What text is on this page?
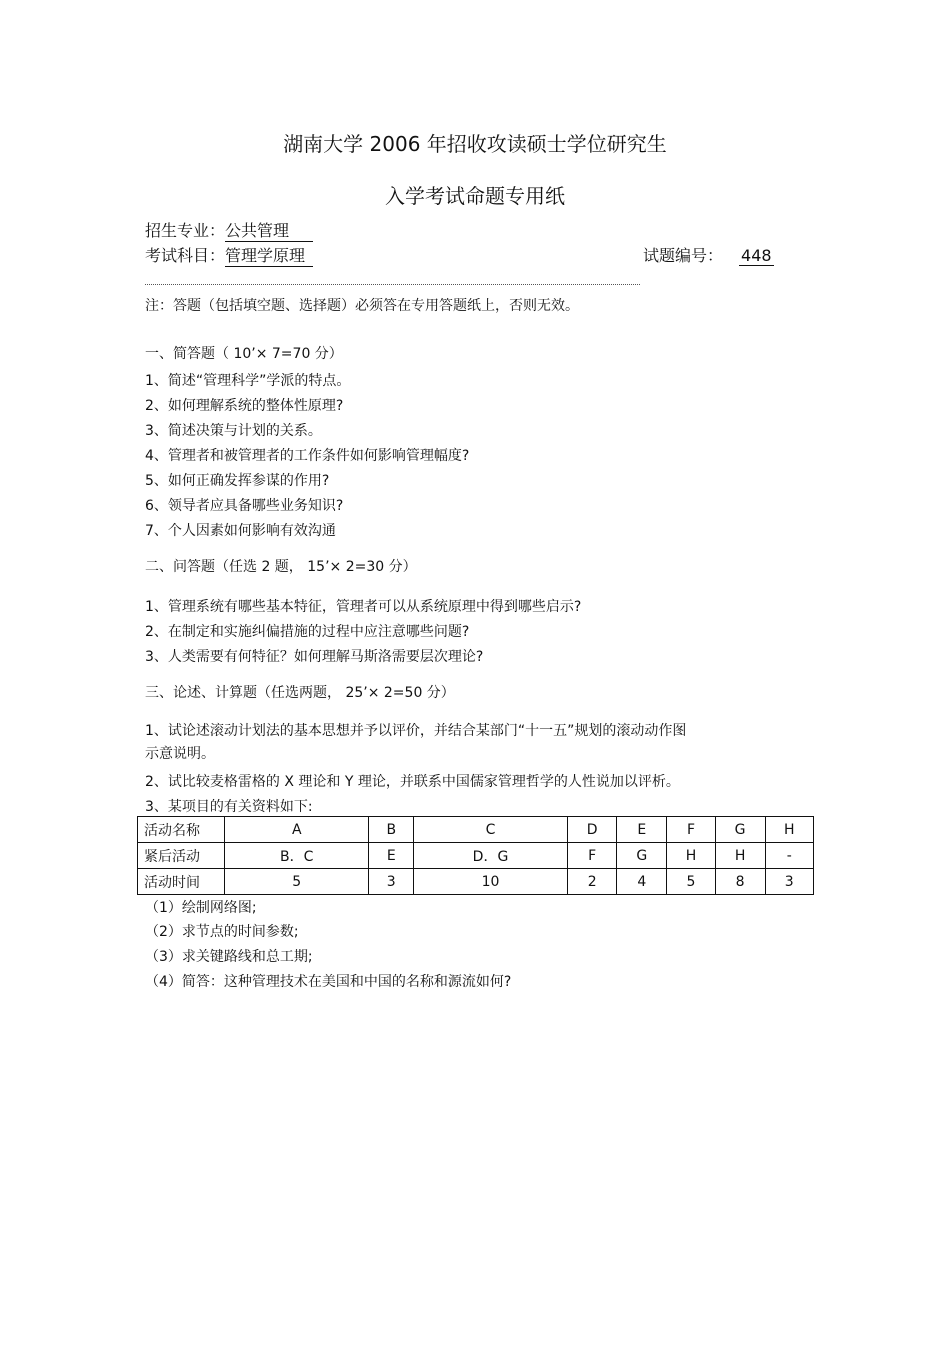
湖南大学 2006 年招收攻读硕士学位研究生
入学考试命题专用纸
招生专业：公共管理
考试科目：管理学原理	试题编号： 448
注：答题（包括填空题、选择题）必须答在专用答题纸上，否则无效。
一、简答题（ 10’× 7=70 分）
1、简述“管理科学”学派的特点。
2、如何理解系统的整体性原理?
3、简述决策与计划的关系。
4、管理者和被管理者的工作条件如何影响管理幅度?
5、如何正确发挥参谋的作用?
6、领导者应具备哪些业务知识?
7、个人因素如何影响有效沟通
二、问答题（任选 2 题， 15’× 2=30 分）
1、管理系统有哪些基本特征，管理者可以从系统原理中得到哪些启示?
2、在制定和实施纠偏措施的过程中应注意哪些问题?
3、人类需要有何特征？如何理解马斯洛需要层次理论?
三、论述、计算题（任选两题， 25’× 2=50 分）
1、试论述滚动计划法的基本思想并予以评价，并结合某部门“十一五”规划的滚动动作图
示意说明。
2、试比较麦格雷格的 X 理论和 Y 理论，并联系中国儒家管理哲学的人性说加以评析。
3、某项目的有关资料如下:
活动名称	A	B	C	D	E	F	G	H
紧后活动	B．C	E	D．G	F	G	H	H	-
活动时间	5	3	10	2	4	5	8	3
（1）绘制网络图;
（2）求节点的时间参数;
（3）求关键路线和总工期;
（4）简答：这种管理技术在美国和中国的名称和源流如何?
